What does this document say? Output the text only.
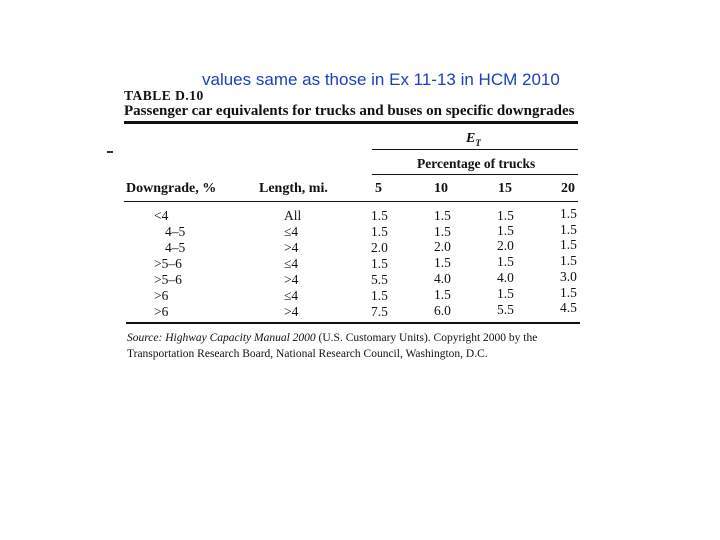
values same as those in Ex 11-13 in HCM 2010
TABLE D.10
Passenger car equivalents for trucks and buses on specific downgrades
$E_T$
Percentage of trucks
Downgrade, %	Length, mi.	5	10	15	20
<4	All	1.5	1.5	1.5	1.5
4–5	≤4	1.5	1.5	1.5	1.5
4–5	>4	2.0	2.0	2.0	1.5
>5–6	≤4	1.5	1.5	1.5	1.5
>5–6	>4	5.5	4.0	4.0	3.0
>6	≤4	1.5	1.5	1.5	1.5
>6	>4	7.5	6.0	5.5	4.5
Source: Highway Capacity Manual 2000 (U.S. Customary Units). Copyright 2000 by the Transportation Research Board, National Research Council, Washington, D.C.
